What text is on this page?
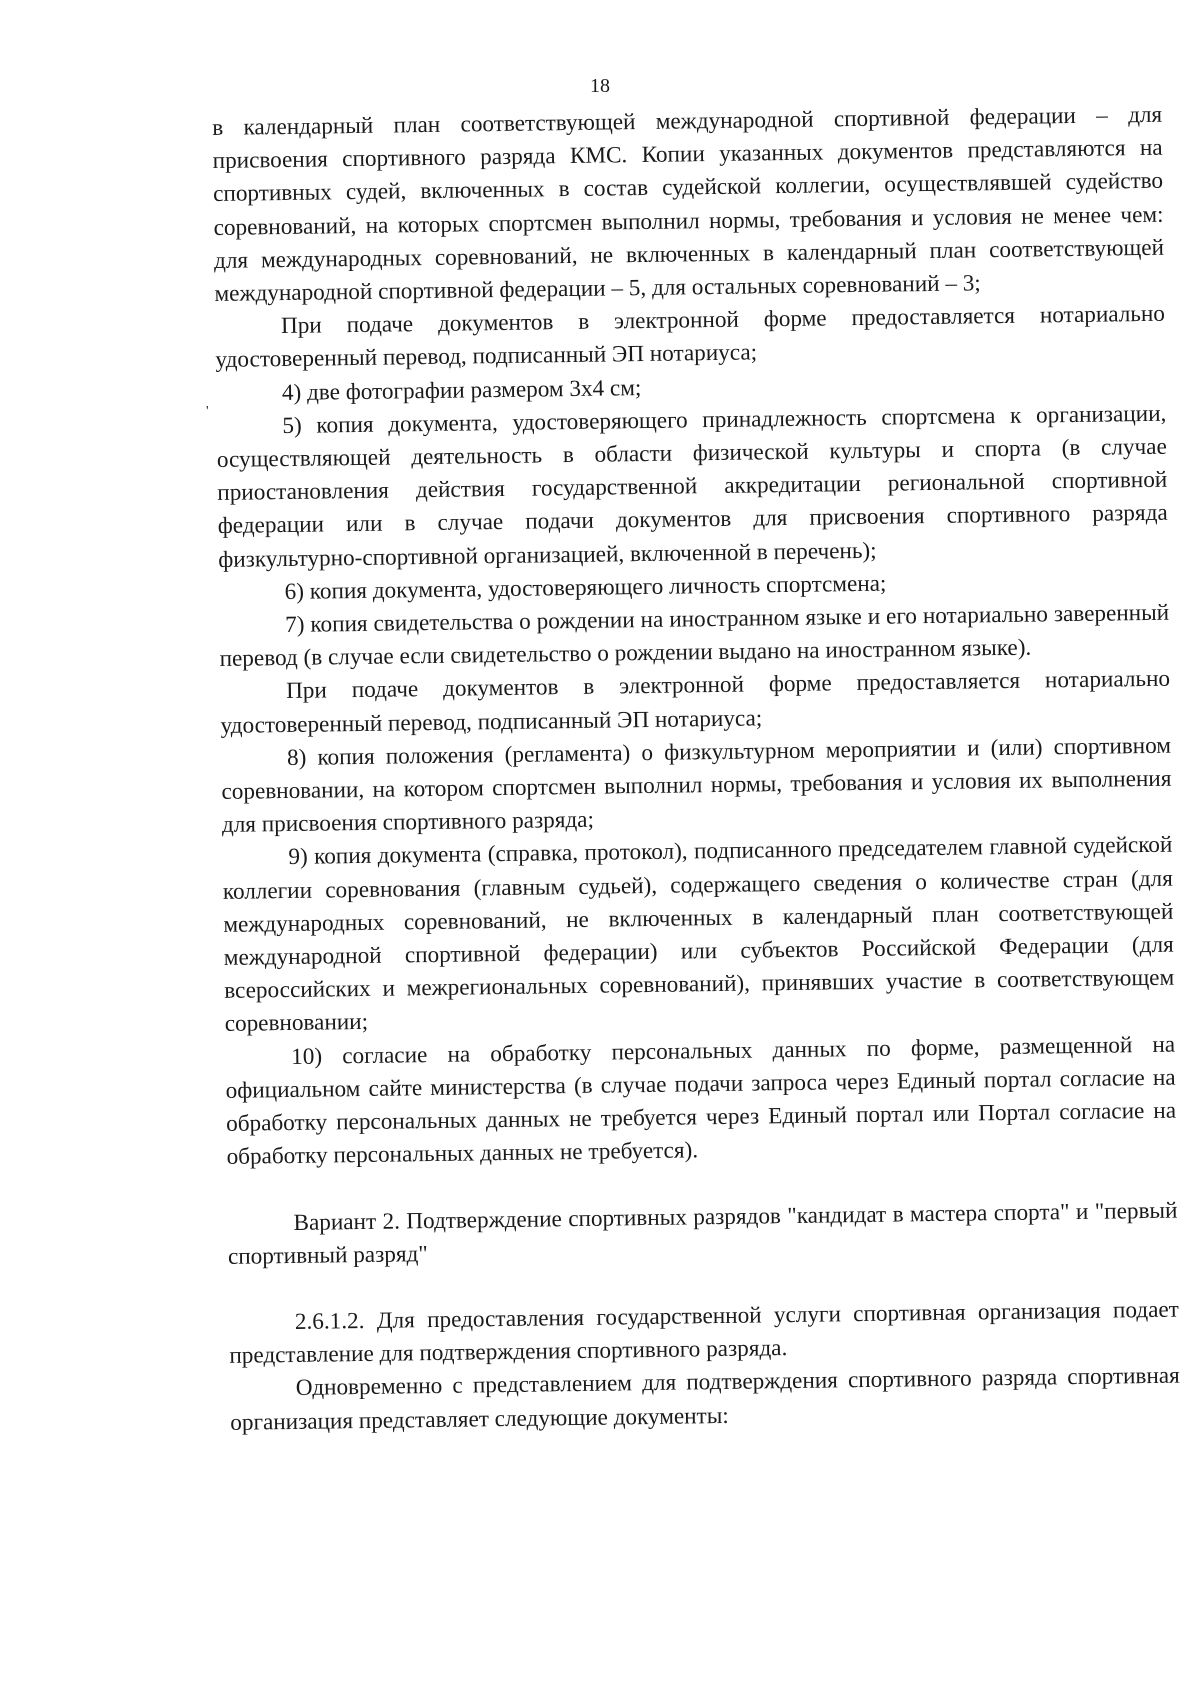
18

в календарный план соответствующей международной спортивной федерации – для присвоения спортивного разряда КМС. Копии указанных документов представляются на спортивных судей, включенных в состав судейской коллегии, осуществлявшей судейство соревнований, на которых спортсмен выполнил нормы, требования и условия не менее чем: для международных соревнований, не включенных в календарный план соответствующей международной спортивной федерации – 5, для остальных соревнований – 3;

При подаче документов в электронной форме предоставляется нотариально удостоверенный перевод, подписанный ЭП нотариуса;

4) две фотографии размером 3х4 см;

5) копия документа, удостоверяющего принадлежность спортсмена к организации, осуществляющей деятельность в области физической культуры и спорта (в случае приостановления действия государственной аккредитации региональной спортивной федерации или в случае подачи документов для присвоения спортивного разряда физкультурно-спортивной организацией, включенной в перечень);

6) копия документа, удостоверяющего личность спортсмена;

7) копия свидетельства о рождении на иностранном языке и его нотариально заверенный перевод (в случае если свидетельство о рождении выдано на иностранном языке).

При подаче документов в электронной форме предоставляется нотариально удостоверенный перевод, подписанный ЭП нотариуса;

8) копия положения (регламента) о физкультурном мероприятии и (или) спортивном соревновании, на котором спортсмен выполнил нормы, требования и условия их выполнения для присвоения спортивного разряда;

9) копия документа (справка, протокол), подписанного председателем главной судейской коллегии соревнования (главным судьей), содержащего сведения о количестве стран (для международных соревнований, не включенных в календарный план соответствующей международной спортивной федерации) или субъектов Российской Федерации (для всероссийских и межрегиональных соревнований), принявших участие в соответствующем соревновании;

10) согласие на обработку персональных данных по форме, размещенной на официальном сайте министерства (в случае подачи запроса через Единый портал согласие на обработку персональных данных не требуется через Единый портал или Портал согласие на обработку персональных данных не требуется).

Вариант 2. Подтверждение спортивных разрядов "кандидат в мастера спорта" и "первый спортивный разряд"

2.6.1.2. Для предоставления государственной услуги спортивная организация подает представление для подтверждения спортивного разряда.

Одновременно с представлением для подтверждения спортивного разряда спортивная организация представляет следующие документы:

'
